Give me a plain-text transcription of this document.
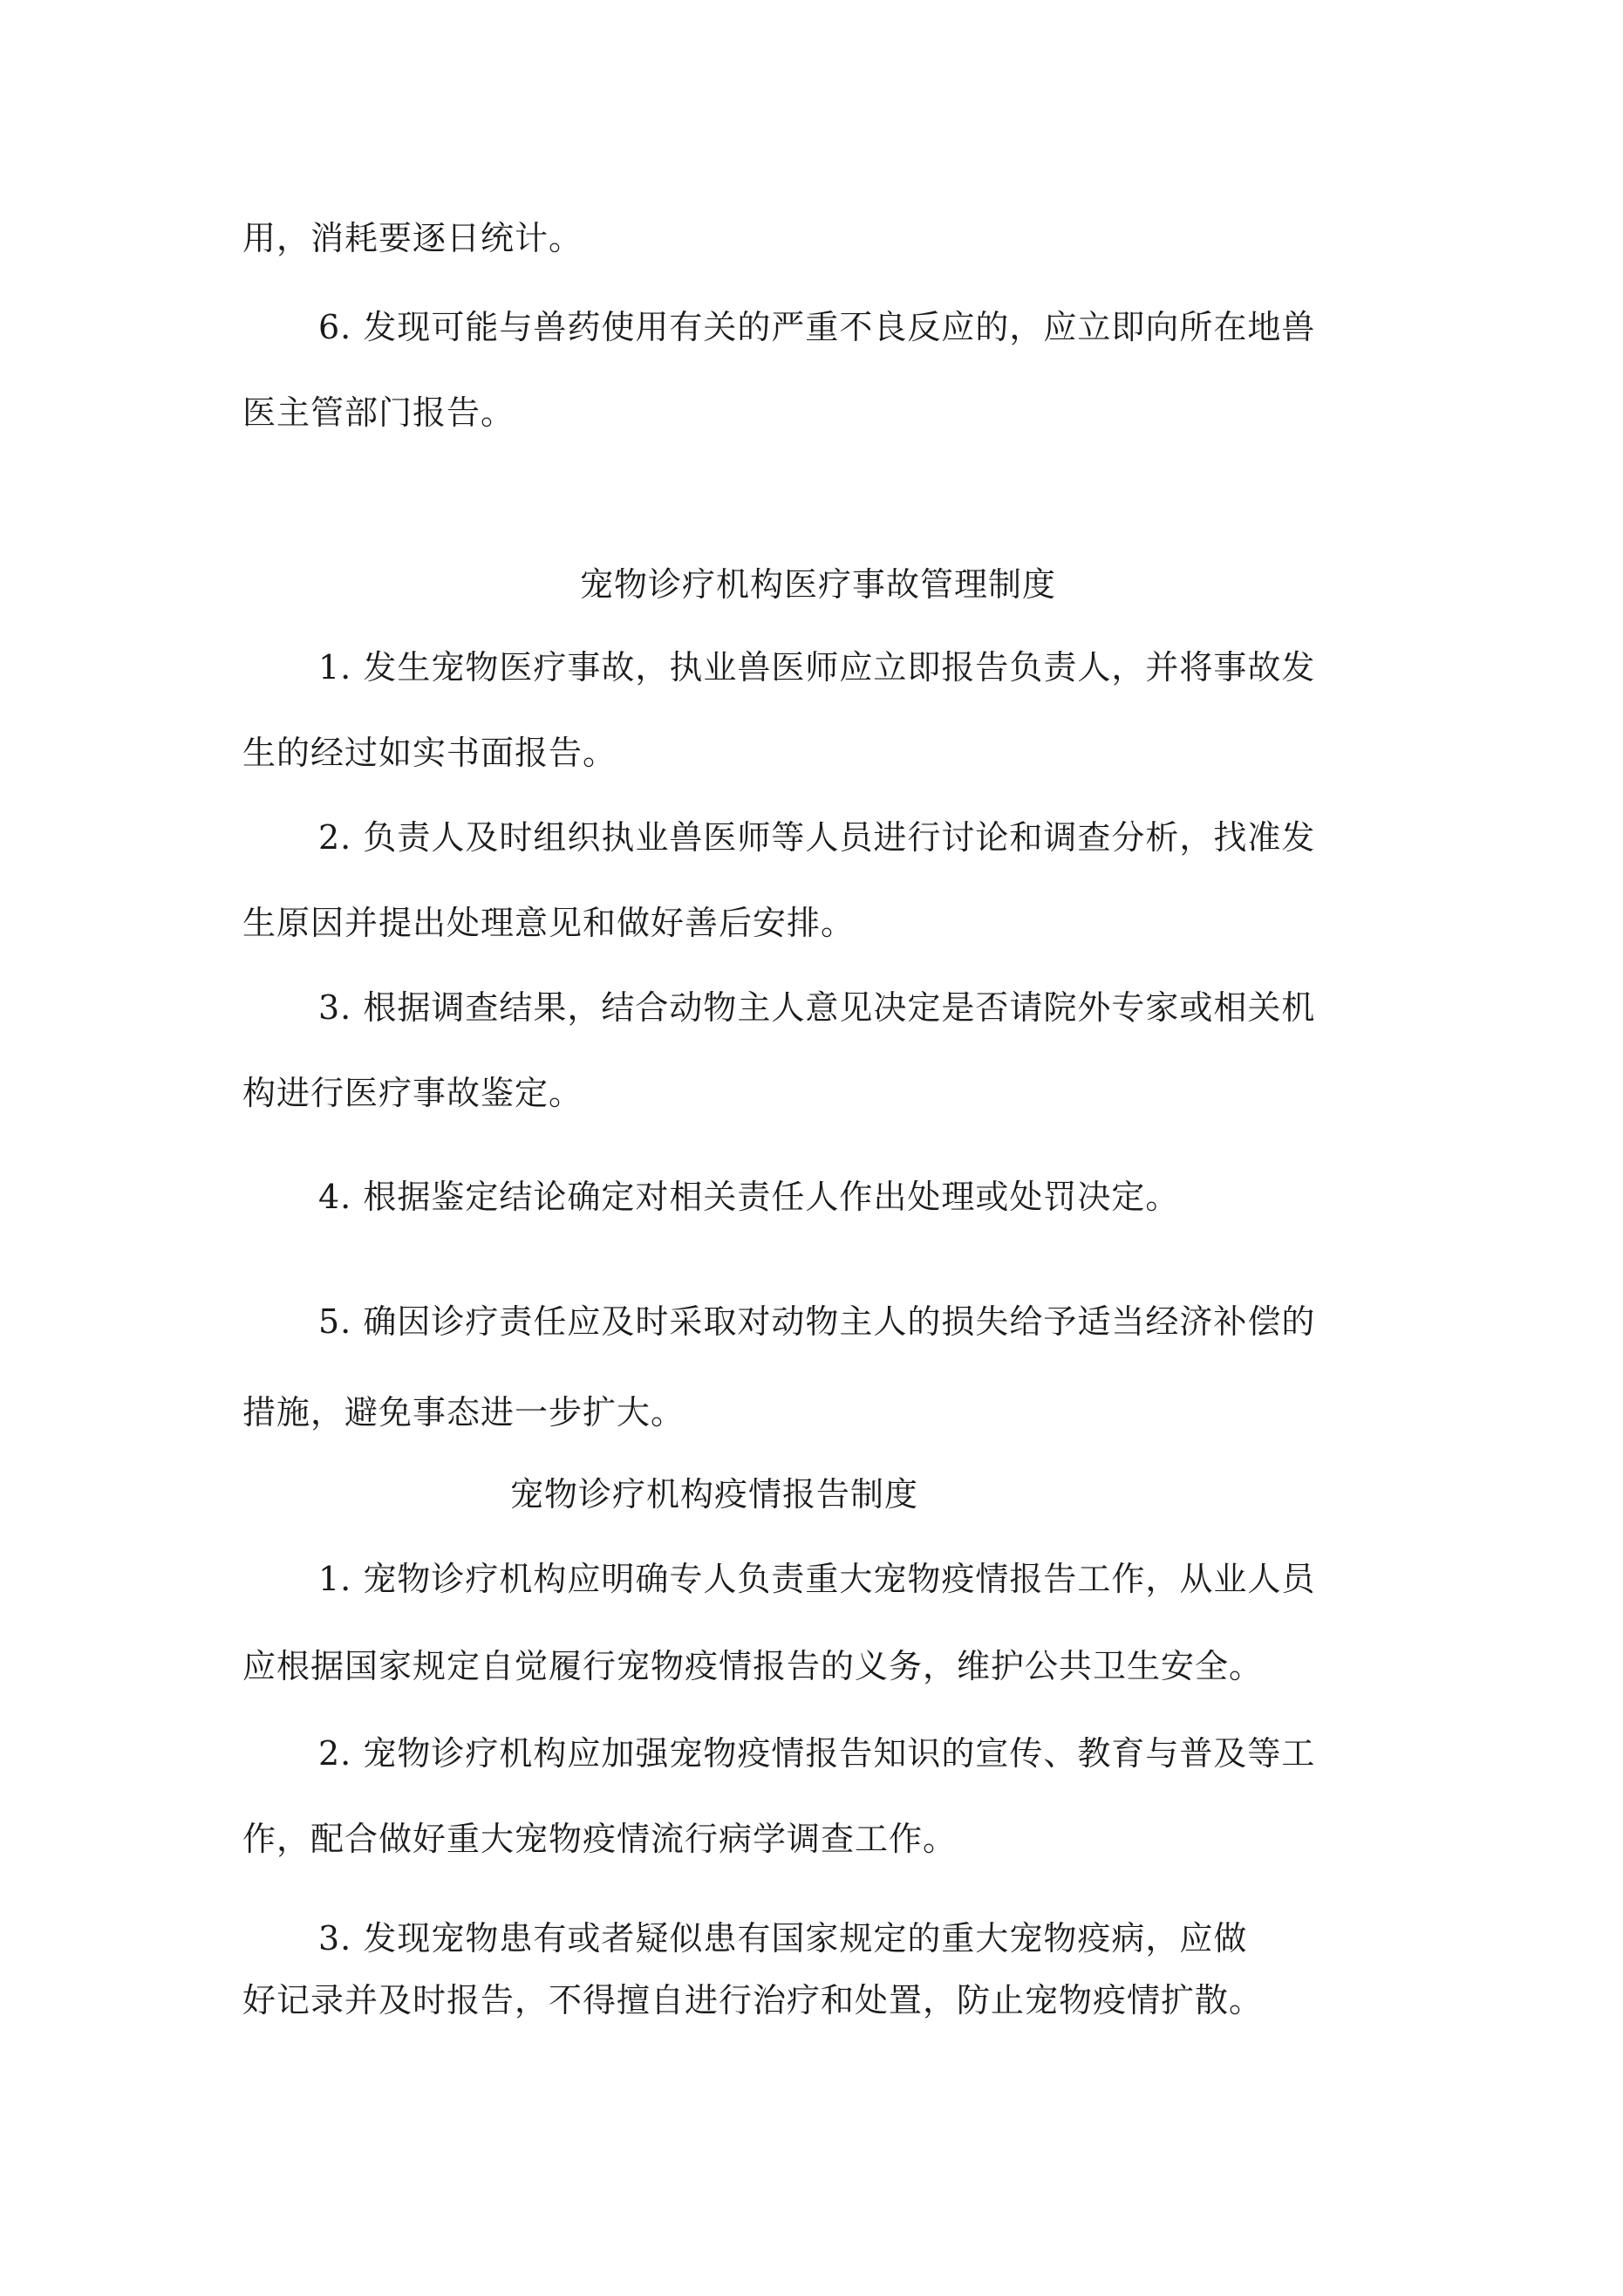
用，消耗要逐日统计。

6. 发现可能与兽药使用有关的严重不良反应的，应立即向所在地兽

医主管部门报告。

宠物诊疗机构医疗事故管理制度

1. 发生宠物医疗事故，执业兽医师应立即报告负责人，并将事故发

生的经过如实书面报告。

2. 负责人及时组织执业兽医师等人员进行讨论和调查分析，找准发

生原因并提出处理意见和做好善后安排。

3. 根据调查结果，结合动物主人意见决定是否请院外专家或相关机

构进行医疗事故鉴定。

4. 根据鉴定结论确定对相关责任人作出处理或处罚决定。

5. 确因诊疗责任应及时采取对动物主人的损失给予适当经济补偿的

措施，避免事态进一步扩大。

宠物诊疗机构疫情报告制度

1. 宠物诊疗机构应明确专人负责重大宠物疫情报告工作，从业人员

应根据国家规定自觉履行宠物疫情报告的义务，维护公共卫生安全。

2. 宠物诊疗机构应加强宠物疫情报告知识的宣传、教育与普及等工

作，配合做好重大宠物疫情流行病学调查工作。

3. 发现宠物患有或者疑似患有国家规定的重大宠物疫病，应做

好记录并及时报告，不得擅自进行治疗和处置，防止宠物疫情扩散。
